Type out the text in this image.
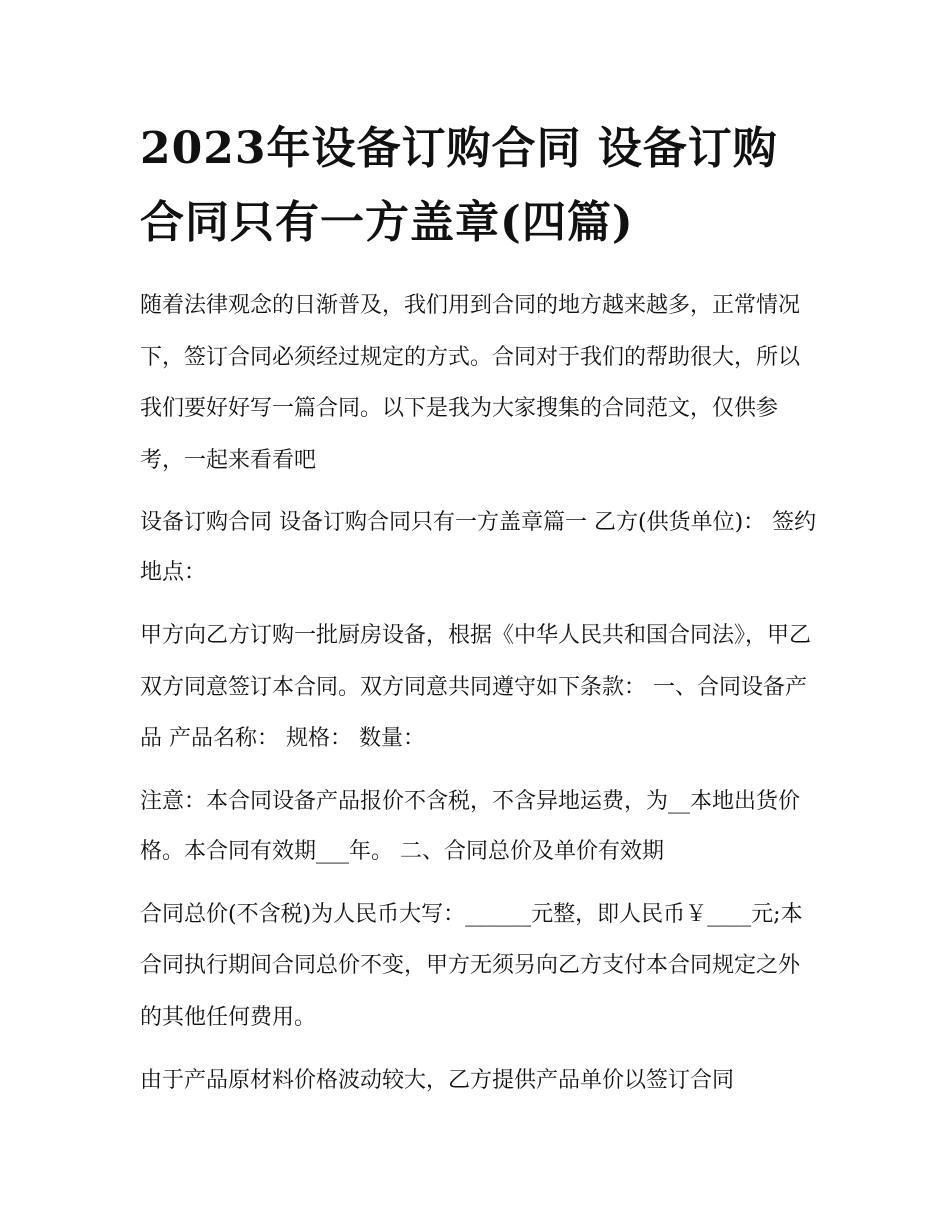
2023年设备订购合同 设备订购合同只有一方盖章(四篇)

随着法律观念的日渐普及，我们用到合同的地方越来越多，正常情况下，签订合同必须经过规定的方式。合同对于我们的帮助很大，所以我们要好好写一篇合同。以下是我为大家搜集的合同范文，仅供参考，一起来看看吧

设备订购合同 设备订购合同只有一方盖章篇一 乙方(供货单位)： 签约地点：

甲方向乙方订购一批厨房设备，根据《中华人民共和国合同法》，甲乙双方同意签订本合同。双方同意共同遵守如下条款： 一、合同设备产品 产品名称： 规格： 数量：

注意：本合同设备产品报价不含税，不含异地运费，为__本地出货价格。本合同有效期___年。 二、合同总价及单价有效期

合同总价(不含税)为人民币大写：______元整，即人民币￥____元;本合同执行期间合同总价不变，甲方无须另向乙方支付本合同规定之外的其他任何费用。

由于产品原材料价格波动较大，乙方提供产品单价以签订合同
